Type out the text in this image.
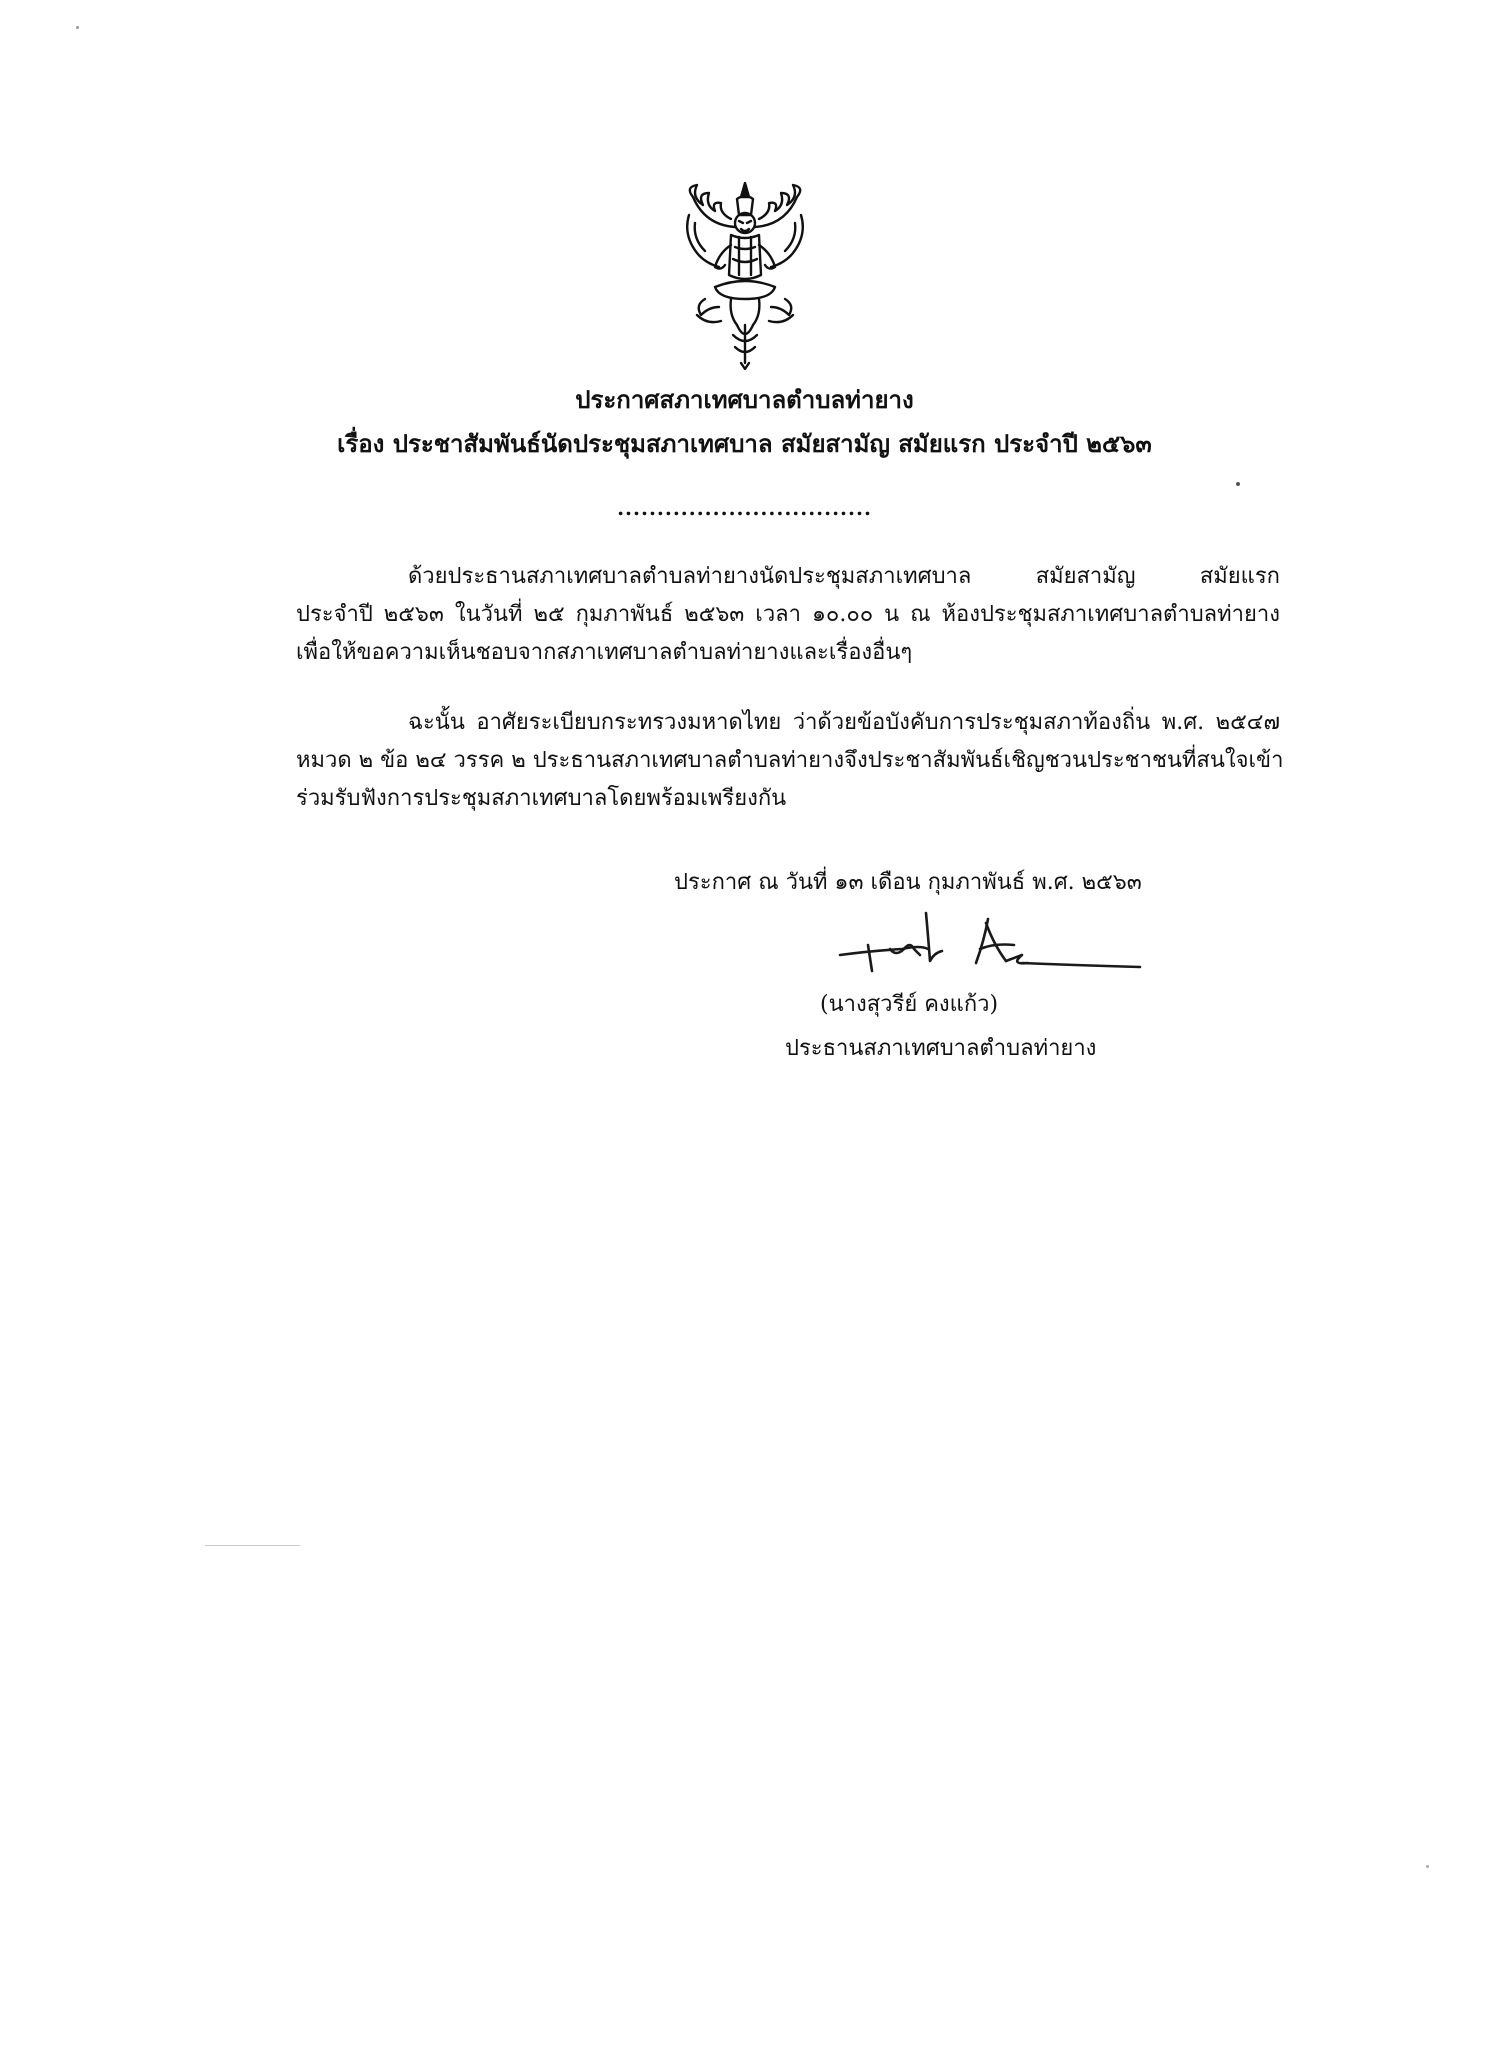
ประกาศสภาเทศบาลตำบลท่ายาง
เรื่อง ประชาสัมพันธ์นัดประชุมสภาเทศบาล สมัยสามัญ สมัยแรก ประจำปี ๒๕๖๓
................................
ด้วยประธานสภาเทศบาลตำบลท่ายางนัดประชุมสภาเทศบาล สมัยสามัญ สมัยแรก
ประจำปี ๒๕๖๓ ในวันที่ ๒๕ กุมภาพันธ์ ๒๕๖๓ เวลา ๑๐.๐๐ น ณ ห้องประชุมสภาเทศบาลตำบลท่ายาง
เพื่อให้ขอความเห็นชอบจากสภาเทศบาลตำบลท่ายางและเรื่องอื่นๆ
ฉะนั้น อาศัยระเบียบกระทรวงมหาดไทย ว่าด้วยข้อบังคับการประชุมสภาท้องถิ่น พ.ศ. ๒๕๔๗
หมวด ๒ ข้อ ๒๔ วรรค ๒ ประธานสภาเทศบาลตำบลท่ายางจึงประชาสัมพันธ์เชิญชวนประชาชนที่สนใจเข้า
ร่วมรับฟังการประชุมสภาเทศบาลโดยพร้อมเพรียงกัน
ประกาศ ณ วันที่ ๑๓ เดือน กุมภาพันธ์ พ.ศ. ๒๕๖๓
(นางสุวรีย์ คงแก้ว)
ประธานสภาเทศบาลตำบลท่ายาง
